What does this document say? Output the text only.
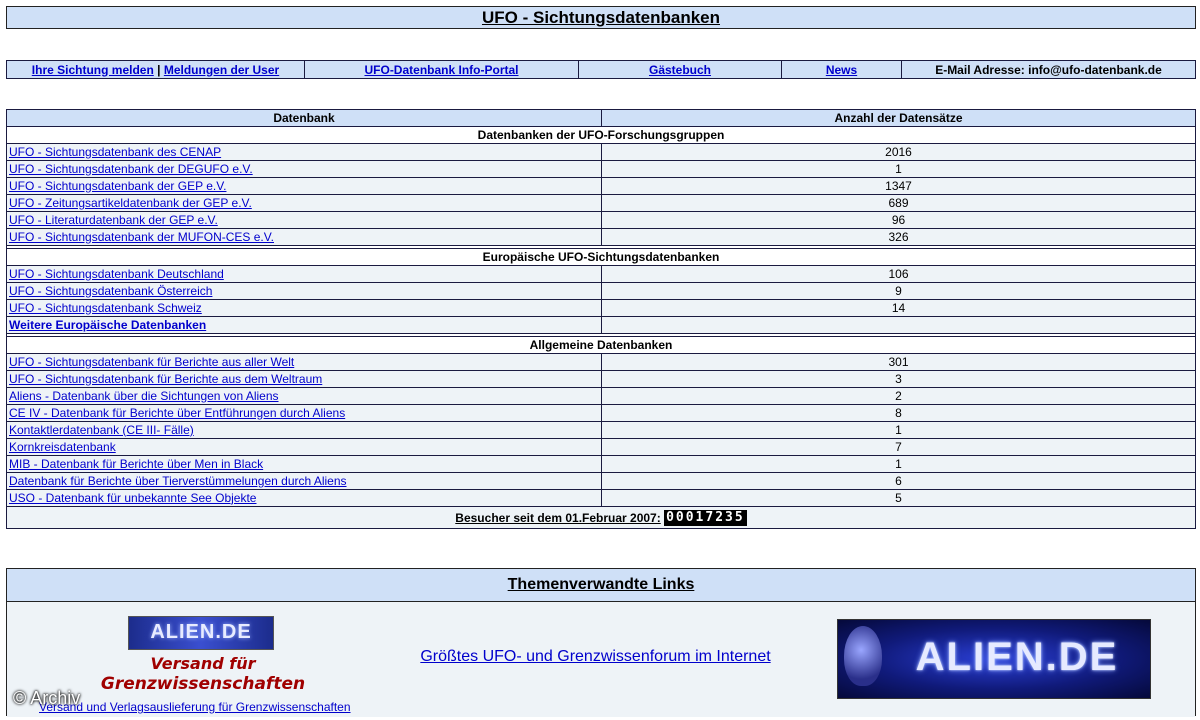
UFO - Sichtungsdatenbanken
Ihre Sichtung melden | Meldungen der User	UFO-Datenbank Info-Portal	Gästebuch	News	E-Mail Adresse: info@ufo-datenbank.de
Datenbank	Anzahl der Datensätze
Datenbanken der UFO-Forschungsgruppen	
UFO - Sichtungsdatenbank des CENAP	2016
UFO - Sichtungsdatenbank der DEGUFO e.V.	1
UFO - Sichtungsdatenbank der GEP e.V.	1347
UFO - Zeitungsartikeldatenbank der GEP e.V.	689
UFO - Literaturdatenbank der GEP e.V.	96
UFO - Sichtungsdatenbank der MUFON-CES e.V.	326

Europäische UFO-Sichtungsdatenbanken	
UFO - Sichtungsdatenbank Deutschland	106
UFO - Sichtungsdatenbank Österreich	9
UFO - Sichtungsdatenbank Schweiz	14
Weitere Europäische Datenbanken	

Allgemeine Datenbanken	
UFO - Sichtungsdatenbank für Berichte aus aller Welt	301
UFO - Sichtungsdatenbank für Berichte aus dem Weltraum	3
Aliens - Datenbank über die Sichtungen von Aliens	2
CE IV - Datenbank für Berichte über Entführungen durch Aliens	8
Kontaktlerdatenbank (CE III- Fälle)	1
Kornkreisdatenbank	7
MIB - Datenbank für Berichte über Men in Black	1
Datenbank für Berichte über Tierverstümmelungen durch Aliens	6
USO - Datenbank für unbekannte See Objekte	5
Besucher seit dem 01.Februar 2007: 00017235	
Themenverwandte Links
ALIEN.DE
Versand für
Grenzwissenschaften
Versand und Verlagsauslieferung für Grenzwissenschaften
© Archiv
Größtes UFO- und Grenzwissenforum im Internet	ALIEN.DE
